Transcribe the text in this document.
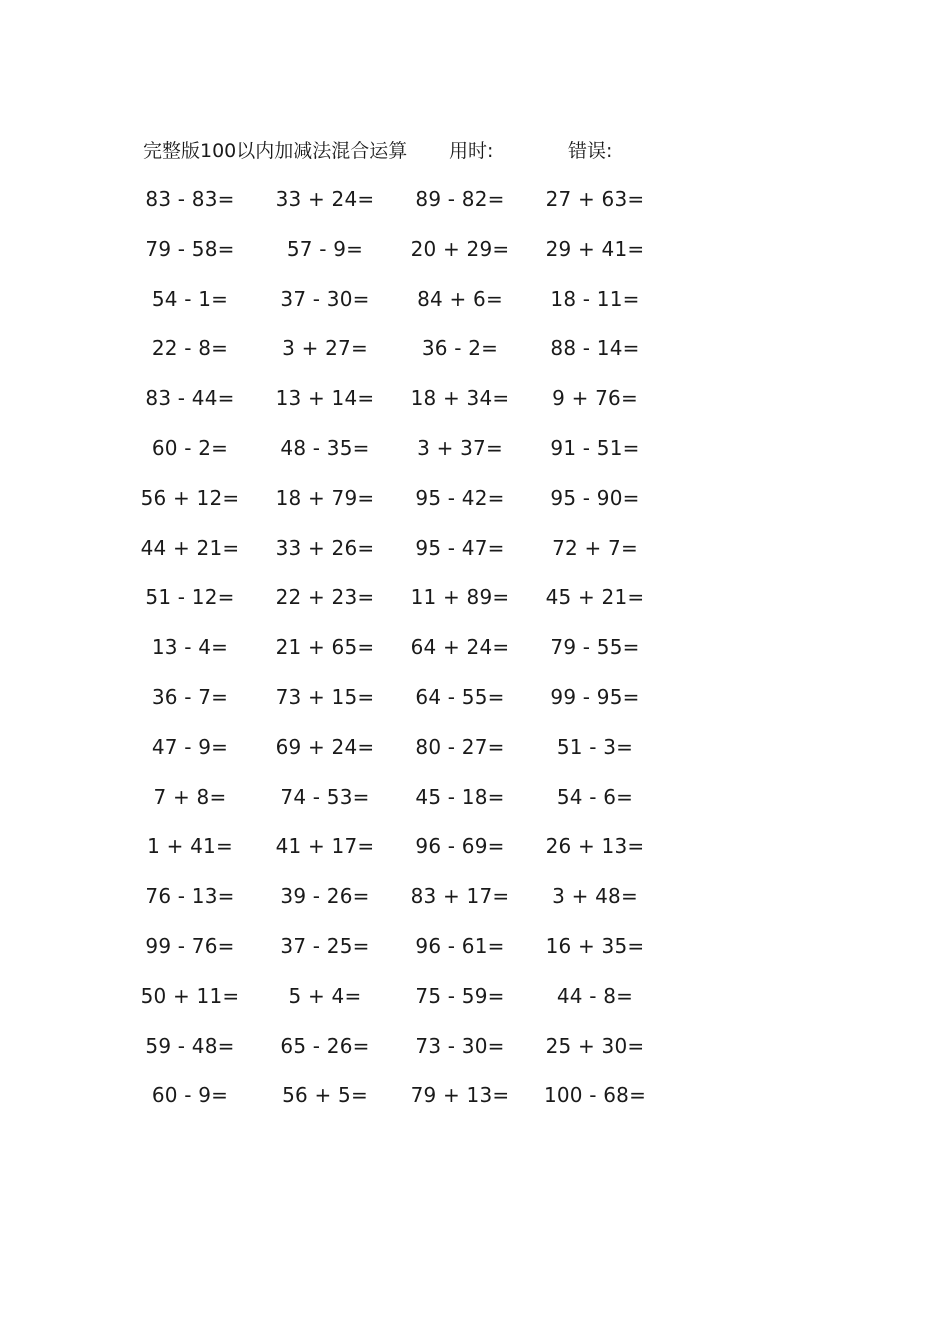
完整版100以内加减法混合运算 用时:	错误:
83 - 83=	33 + 24=	89 - 82=	27 + 63=
79 - 58=	57 - 9=	20 + 29=	29 + 41=
54 - 1=	37 - 30=	84 + 6=	18 - 11=
22 - 8=	3 + 27=	36 - 2=	88 - 14=
83 - 44=	13 + 14=	18 + 34=	9 + 76=
60 - 2=	48 - 35=	3 + 37=	91 - 51=
56 + 12=	18 + 79=	95 - 42=	95 - 90=
44 + 21=	33 + 26=	95 - 47=	72 + 7=
51 - 12=	22 + 23=	11 + 89=	45 + 21=
13 - 4=	21 + 65=	64 + 24=	79 - 55=
36 - 7=	73 + 15=	64 - 55=	99 - 95=
47 - 9=	69 + 24=	80 - 27=	51 - 3=
7 + 8=	74 - 53=	45 - 18=	54 - 6=
1 + 41=	41 + 17=	96 - 69=	26 + 13=
76 - 13=	39 - 26=	83 + 17=	3 + 48=
99 - 76=	37 - 25=	96 - 61=	16 + 35=
50 + 11=	5 + 4=	75 - 59=	44 - 8=
59 - 48=	65 - 26=	73 - 30=	25 + 30=
60 - 9=	56 + 5=	79 + 13=	100 - 68=
